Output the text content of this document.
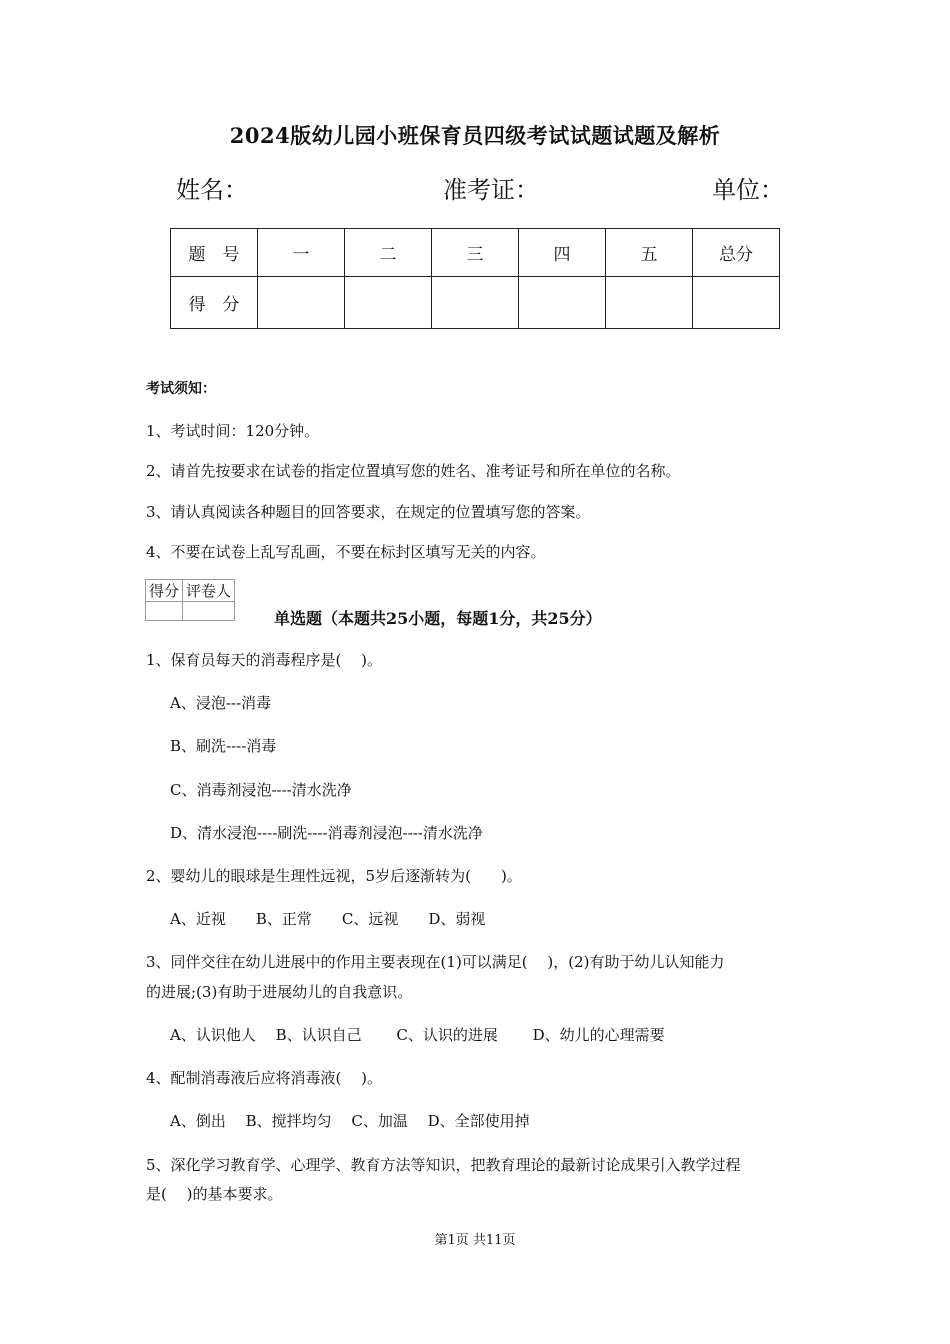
2024版幼儿园小班保育员四级考试试题试题及解析
姓名：	准考证：	单位：
题　号	一	二	三	四	五	总分
得　分						
考试须知：
1、考试时间：120分钟。
2、请首先按要求在试卷的指定位置填写您的姓名、准考证号和所在单位的名称。
3、请认真阅读各种题目的回答要求，在规定的位置填写您的答案。
4、不要在试卷上乱写乱画，不要在标封区填写无关的内容。
得分	评卷人

单选题（本题共25小题，每题1分，共25分）
1、保育员每天的消毒程序是(　 )。
A、浸泡---消毒
B、刷洗----消毒
C、消毒剂浸泡----清水洗净
D、清水浸泡----刷洗----消毒剂浸泡----清水洗净
2、婴幼儿的眼球是生理性远视，5岁后逐渐转为(　　)。
A、近视　　B、正常　　C、远视　　D、弱视
3、同伴交往在幼儿进展中的作用主要表现在(1)可以满足(　 )，(2)有助于幼儿认知能力
的进展;(3)有助于进展幼儿的自我意识。
A、认识他人　 B、认识自己　　 C、认识的进展　　 D、幼儿的心理需要
4、配制消毒液后应将消毒液(　 )。
A、倒出　 B、搅拌均匀　 C、加温　 D、全部使用掉
5、深化学习教育学、心理学、教育方法等知识，把教育理论的最新讨论成果引入教学过程
是(　 )的基本要求。
第1页 共11页
